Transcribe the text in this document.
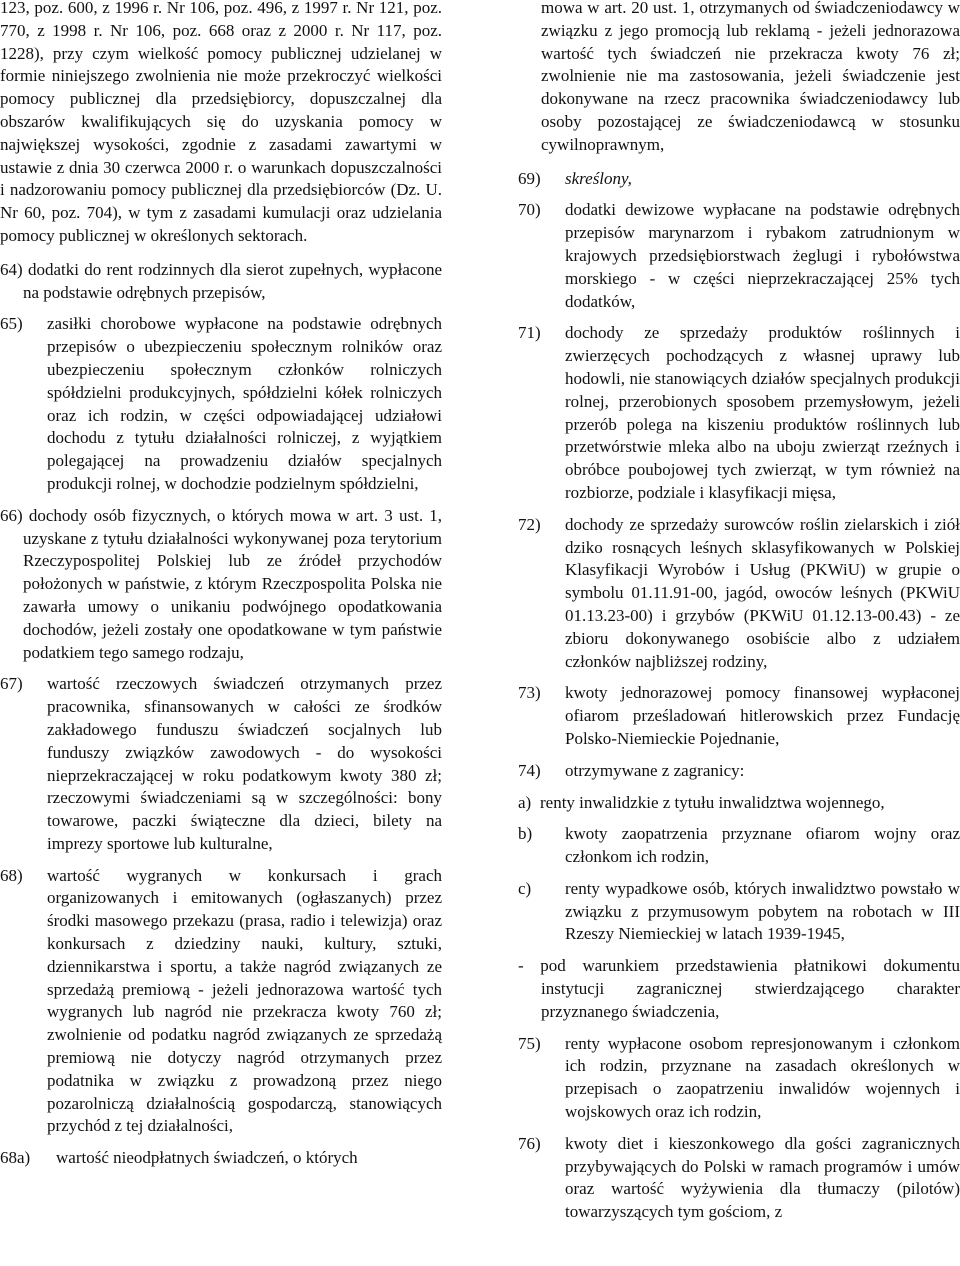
123, poz. 600, z 1996 r. Nr 106, poz. 496, z 1997 r. Nr 121, poz. 770, z 1998 r. Nr 106, poz. 668 oraz z 2000 r. Nr 117, poz. 1228), przy czym wielkość pomocy publicznej udzielanej w formie niniejszego zwolnienia nie może przekroczyć wielkości pomocy publicznej dla przedsiębiorcy, dopuszczalnej dla obszarów kwalifikujących się do uzyskania pomocy w największej wysokości, zgodnie z zasadami zawartymi w ustawie z dnia 30 czerwca 2000 r. o warunkach dopuszczalności i nadzorowaniu pomocy publicznej dla przedsiębiorców (Dz. U. Nr 60, poz. 704), w tym z zasadami kumulacji oraz udzielania pomocy publicznej w określonych sektorach.

64) dodatki do rent rodzinnych dla sierot zupełnych, wypłacone na podstawie odrębnych przepisów,
65)	zasiłki chorobowe wypłacone na podstawie odrębnych przepisów o ubezpieczeniu społecznym rolników oraz ubezpieczeniu społecznym członków rolniczych spółdzielni produkcyjnych, spółdzielni kółek rolniczych oraz ich rodzin, w części odpowiadającej udziałowi dochodu z tytułu działalności rolniczej, z wyjątkiem polegającej na prowadzeniu działów specjalnych produkcji rolnej, w dochodzie podzielnym spółdzielni,
66) dochody osób fizycznych, o których mowa w art. 3 ust. 1, uzyskane z tytułu działalności wykonywanej poza terytorium Rzeczypospolitej Polskiej lub ze źródeł przychodów położonych w państwie, z którym Rzeczpospolita Polska nie zawarła umowy o unikaniu podwójnego opodatkowania dochodów, jeżeli zostały one opodatkowane w tym państwie podatkiem tego samego rodzaju,
67)	wartość rzeczowych świadczeń otrzymanych przez pracownika, sfinansowanych w całości ze środków zakładowego funduszu świadczeń socjalnych lub funduszy związków zawodowych - do wysokości nieprzekraczającej w roku podatkowym kwoty 380 zł; rzeczowymi świadczeniami są w szczególności: bony towarowe, paczki świąteczne dla dzieci, bilety na imprezy sportowe lub kulturalne,
68)	wartość wygranych w konkursach i grach organizowanych i emitowanych (ogłaszanych) przez środki masowego przekazu (prasa, radio i telewizja) oraz konkursach z dziedziny nauki, kultury, sztuki, dziennikarstwa i sportu, a także nagród związanych ze sprzedażą premiową - jeżeli jednorazowa wartość tych wygranych lub nagród nie przekracza kwoty 760 zł; zwolnienie od podatku nagród związanych ze sprzedażą premiową nie dotyczy nagród otrzymanych przez podatnika w związku z prowadzoną przez niego pozarolniczą działalnością gospodarczą, stanowiących przychód z tej działalności,
68a)	wartość nieodpłatnych świadczeń, o których

mowa w art. 20 ust. 1, otrzymanych od świadczeniodawcy w związku z jego promocją lub reklamą - jeżeli jednorazowa wartość tych świadczeń nie przekracza kwoty 76 zł; zwolnienie nie ma zastosowania, jeżeli świadczenie jest dokonywane na rzecz pracownika świadczeniodawcy lub osoby pozostającej ze świadczeniodawcą w stosunku cywilnoprawnym,

69)	skreślony,
70)	dodatki dewizowe wypłacane na podstawie odrębnych przepisów marynarzom i rybakom zatrudnionym w krajowych przedsiębiorstwach żeglugi i rybołówstwa morskiego - w części nieprzekraczającej 25% tych dodatków,
71)	dochody ze sprzedaży produktów roślinnych i zwierzęcych pochodzących z własnej uprawy lub hodowli, nie stanowiących działów specjalnych produkcji rolnej, przerobionych sposobem przemysłowym, jeżeli przerób polega na kiszeniu produktów roślinnych lub przetwórstwie mleka albo na uboju zwierząt rzeźnych i obróbce poubojowej tych zwierząt, w tym również na rozbiorze, podziale i klasyfikacji mięsa,
72)	dochody ze sprzedaży surowców roślin zielarskich i ziół dziko rosnących leśnych sklasyfikowanych w Polskiej Klasyfikacji Wyrobów i Usług (PKWiU) w grupie o symbolu 01.11.91-00, jagód, owoców leśnych (PKWiU 01.13.23-00) i grzybów (PKWiU 01.12.13-00.43) - ze zbioru dokonywanego osobiście albo z udziałem członków najbliższej rodziny,
73)	kwoty jednorazowej pomocy finansowej wypłaconej ofiarom prześladowań hitlerowskich przez Fundację Polsko-Niemieckie Pojednanie,
74)	otrzymywane z zagranicy:
a) renty inwalidzkie z tytułu inwalidztwa wojennego,
b)	kwoty zaopatrzenia przyznane ofiarom wojny oraz członkom ich rodzin,
c)	renty wypadkowe osób, których inwalidztwo powstało w związku z przymusowym pobytem na robotach w III Rzeszy Niemieckiej w latach 1939-1945,
- pod warunkiem przedstawienia płatnikowi dokumentu instytucji zagranicznej stwierdzającego charakter przyznanego świadczenia,
75)	renty wypłacone osobom represjonowanym i członkom ich rodzin, przyznane na zasadach określonych w przepisach o zaopatrzeniu inwalidów wojennych i wojskowych oraz ich rodzin,
76)	kwoty diet i kieszonkowego dla gości zagranicznych przybywających do Polski w ramach programów i umów oraz wartość wyżywienia dla tłumaczy (pilotów) towarzyszących tym gościom, z
